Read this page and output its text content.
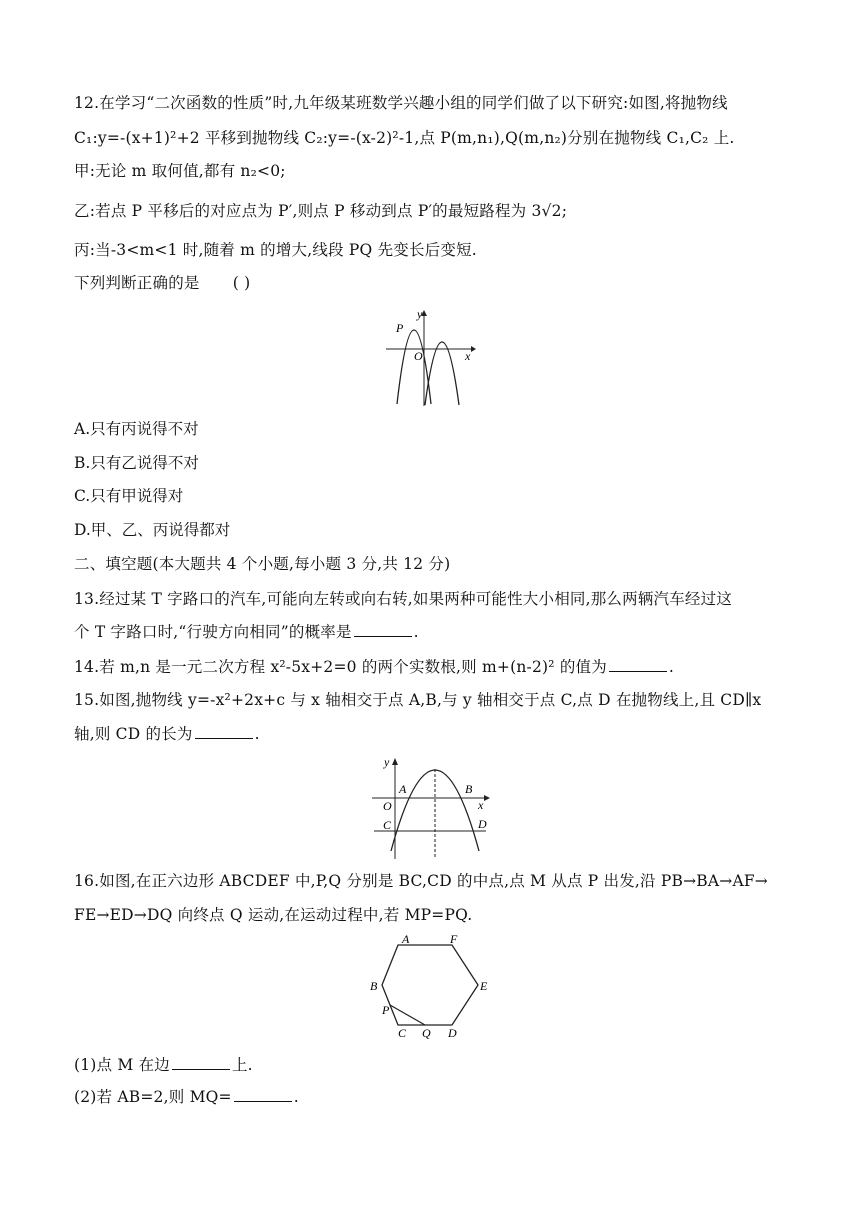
12.在学习“二次函数的性质”时,九年级某班数学兴趣小组的同学们做了以下研究:如图,将抛物线
C₁:y=-(x+1)²+2 平移到抛物线 C₂:y=-(x-2)²-1,点 P(m,n₁),Q(m,n₂)分别在抛物线 C₁,C₂ 上.
甲:无论 m 取何值,都有 n₂<0;
乙:若点 P 平移后的对应点为 P′,则点 P 移动到点 P′的最短路程为 3√2;
丙:当-3<m<1 时,随着 m 的增大,线段 PQ 先变长后变短.
下列判断正确的是 ( )
y
x
O
P
A.只有丙说得不对
B.只有乙说得不对
C.只有甲说得对
D.甲、乙、丙说得都对
二、填空题(本大题共 4 个小题,每小题 3 分,共 12 分)
13.经过某 T 字路口的汽车,可能向左转或向右转,如果两种可能性大小相同,那么两辆汽车经过这
个 T 字路口时,“行驶方向相同”的概率是	.
14.若 m,n 是一元二次方程 x²-5x+2=0 的两个实数根,则 m+(n-2)² 的值为	.
15.如图,抛物线 y=-x²+2x+c 与 x 轴相交于点 A,B,与 y 轴相交于点 C,点 D 在抛物线上,且 CD∥x
轴,则 CD 的长为	.
y
x
O
A	B
C	D
16.如图,在正六边形 ABCDEF 中,P,Q 分别是 BC,CD 的中点,点 M 从点 P 出发,沿 PB→BA→AF→
FE→ED→DQ 向终点 Q 运动,在运动过程中,若 MP=PQ.
A	F
B	E
P
C Q D
(1)点 M 在边	上.
(2)若 AB=2,则 MQ=	.
